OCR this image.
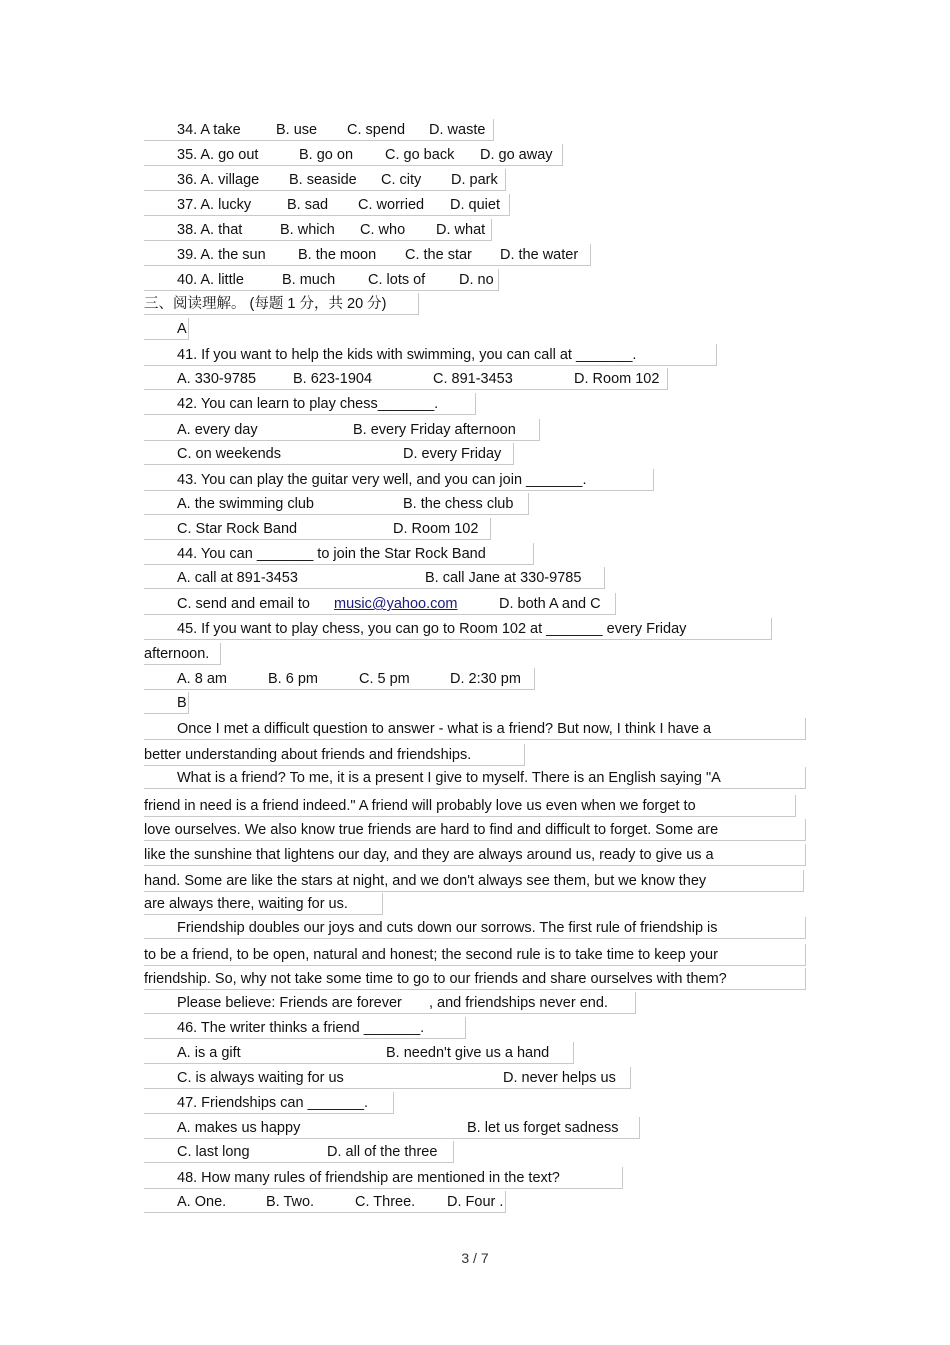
34. A take B. use C. spend D. waste
35. A. go out	B. go on C. go back D. go away
36. A. village B. seaside C. city D. park
37. A. lucky B. sad C. worried D. quiet
38. A. that	B. which C. who D. what
39. A. the sun B. the moon C. the star D. the water
40. A. little	B. much C. lots of D. no
三、阅读理解。 (每题 1 分，共 20 分)
A
41. If you want to help the kids with swimming, you can call at _______.
A. 330-9785	B. 623-1904	C. 891-3453	D. Room 102
42. You can learn to play chess_______.
A. every day	B. every Friday afternoon
C. on weekends	D. every Friday
43. You can play the guitar very well, and you can join _______.
A. the swimming club	B. the chess club
C. Star Rock Band	D. Room 102
44. You can _______ to join the Star Rock Band
A. call at 891-3453	B. call Jane at 330-9785
C. send and email to music@yahoo.com	D. both A and C
45. If you want to play chess, you can go to Room 102 at _______ every Friday
afternoon.
A. 8 am	B. 6 pm	C. 5 pm	D. 2:30 pm
B
Once I met a difficult question to answer - what is a friend? But now, I think I have a
better understanding about friends and friendships.
What is a friend? To me, it is a present I give to myself. There is an English saying "A
friend in need is a friend indeed." A friend will probably love us even when we forget to
love ourselves. We also know true friends are hard to find and difficult to forget. Some are
like the sunshine that lightens our day, and they are always around us, ready to give us a
hand. Some are like the stars at night, and we don't always see them, but we know they
are always there, waiting for us.
Friendship doubles our joys and cuts down our sorrows. The first rule of friendship is
to be a friend, to be open, natural and honest; the second rule is to take time to keep your
friendship. So, why not take some time to go to our friends and share ourselves with them?
Please believe: Friends are forever , and friendships never end.
46. The writer thinks a friend _______.
A. is a gift	B. needn't give us a hand
C. is always waiting for us	D. never helps us
47. Friendships can _______.
A. makes us happy	B. let us forget sadness
C. last long	D. all of the three
48. How many rules of friendship are mentioned in the text?
A. One.	B. Two.	C. Three. D. Four .
3 / 7
